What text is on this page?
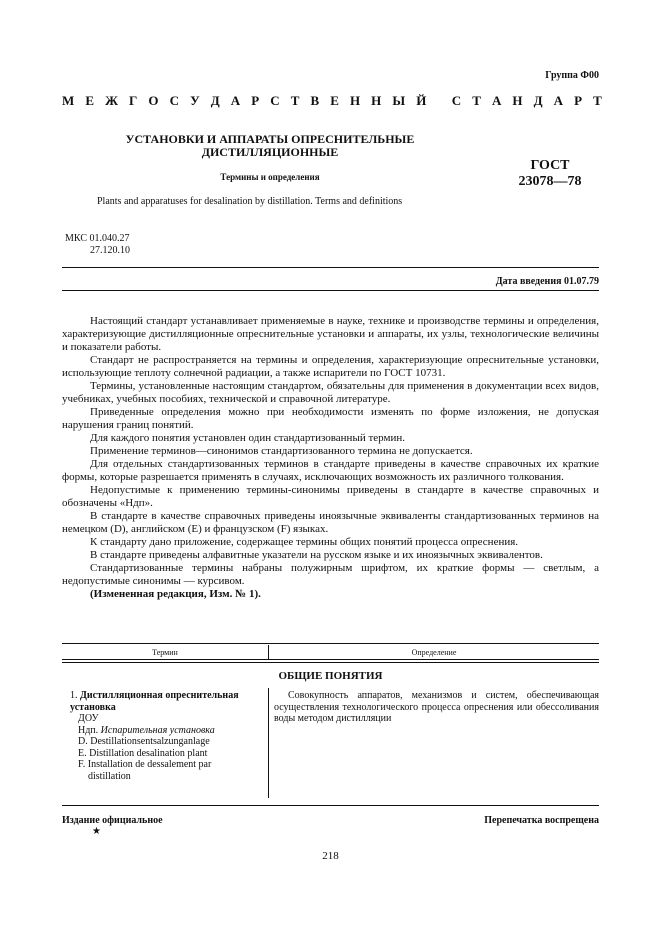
Группа Ф00
М Е Ж Г О С У Д А Р С Т В Е Н Н Ы Й
С Т А Н Д А Р Т
УСТАНОВКИ И АППАРАТЫ ОПРЕСНИТЕЛЬНЫЕ
ДИСТИЛЛЯЦИОННЫЕ
Термины и определения
ГОСТ
23078—78
Plants and apparatuses for desalination by distillation. Terms and definitions
МКС 01.040.27
27.120.10
Дата введения 01.07.79

Настоящий стандарт устанавливает применяемые в науке, технике и производстве термины и определения, характеризующие дистилляционные опреснительные установки и аппараты, их узлы, технологические величины и показатели работы.

Стандарт не распространяется на термины и определения, характеризующие опреснительные установки, использующие теплоту солнечной радиации, а также испарители по ГОСТ 10731.

Термины, установленные настоящим стандартом, обязательны для применения в документации всех видов, учебниках, учебных пособиях, технической и справочной литературе.

Приведенные определения можно при необходимости изменять по форме изложения, не допуская нарушения границ понятий.

Для каждого понятия установлен один стандартизованный термин.

Применение терминов—синонимов стандартизованного термина не допускается.

Для отдельных стандартизованных терминов в стандарте приведены в качестве справочных их краткие формы, которые разрешается применять в случаях, исключающих возможность их различного толкования.

Недопустимые к применению термины-синонимы приведены в стандарте в качестве справочных и обозначены «Ндп».

В стандарте в качестве справочных приведены иноязычные эквиваленты стандартизованных терминов на немецком (D), английском (E) и французском (F) языках.

К стандарту дано приложение, содержащее термины общих понятий процесса опреснения.

В стандарте приведены алфавитные указатели на русском языке и их иноязычных эквивалентов.

Стандартизованные термины набраны полужирным шрифтом, их краткие формы — светлым, а недопустимые синонимы — курсивом.

(Измененная редакция, Изм. № 1).

Термин	Определение
ОБЩИЕ ПОНЯТИЯ
1. Дистилляционная опреснительная установка
ДОУ
Ндп. Испарительная установка
D. Destillationsentsalzunganlage
E. Distillation desalination plant
F. Installation de dessalement par
distillation
Совокупность аппаратов, механизмов и систем, обеспечивающая осуществления технологического процесса опреснения или обессоливания воды методом дистилляции
Издание официальное
★
Перепечатка воспрещена
218
